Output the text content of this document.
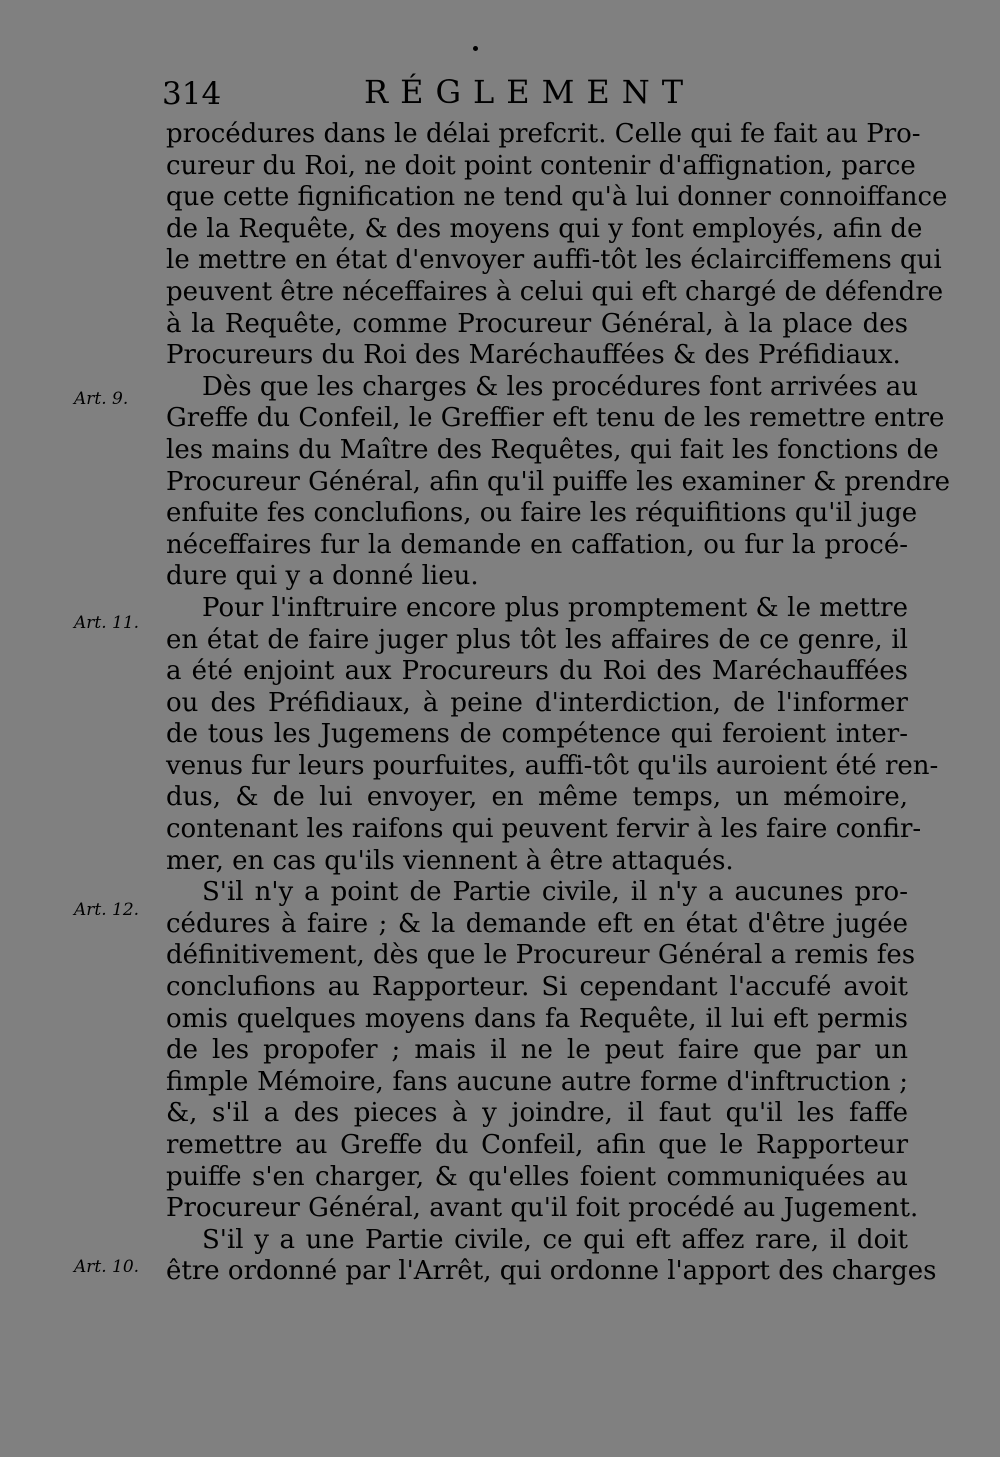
314	RÉGLEMENT
Art. 9.
Art. 11.
Art. 12.
Art. 10.
procédures dans le délai prefcrit. Celle qui fe fait au Pro-
cureur du Roi, ne doit point contenir d'affignation, parce
que cette fignification ne tend qu'à lui donner connoiffance
de la Requête, & des moyens qui y font employés, afin de
le mettre en état d'envoyer auffi-tôt les éclairciffemens qui
peuvent être néceffaires à celui qui eft chargé de défendre
à la Requête, comme Procureur Général, à la place des
Procureurs du Roi des Maréchauffées & des Préfidiaux.
Dès que les charges & les procédures font arrivées au
Greffe du Confeil, le Greffier eft tenu de les remettre entre
les mains du Maître des Requêtes, qui fait les fonctions de
Procureur Général, afin qu'il puiffe les examiner & prendre
enfuite fes conclufions, ou faire les réquifitions qu'il juge
néceffaires fur la demande en caffation, ou fur la procé-
dure qui y a donné lieu.
Pour l'inftruire encore plus promptement & le mettre
en état de faire juger plus tôt les affaires de ce genre, il
a été enjoint aux Procureurs du Roi des Maréchauffées
ou des Préfidiaux, à peine d'interdiction, de l'informer
de tous les Jugemens de compétence qui feroient inter-
venus fur leurs pourfuites, auffi-tôt qu'ils auroient été ren-
dus, & de lui envoyer, en même temps, un mémoire,
contenant les raifons qui peuvent fervir à les faire confir-
mer, en cas qu'ils viennent à être attaqués.
S'il n'y a point de Partie civile, il n'y a aucunes pro-
cédures à faire ; & la demande eft en état d'être jugée
définitivement, dès que le Procureur Général a remis fes
conclufions au Rapporteur. Si cependant l'accufé avoit
omis quelques moyens dans fa Requête, il lui eft permis
de les propofer ; mais il ne le peut faire que par un
fimple Mémoire, fans aucune autre forme d'inftruction ;
&, s'il a des pieces à y joindre, il faut qu'il les faffe
remettre au Greffe du Confeil, afin que le Rapporteur
puiffe s'en charger, & qu'elles foient communiquées au
Procureur Général, avant qu'il foit procédé au Jugement.
S'il y a une Partie civile, ce qui eft affez rare, il doit
être ordonné par l'Arrêt, qui ordonne l'apport des charges
